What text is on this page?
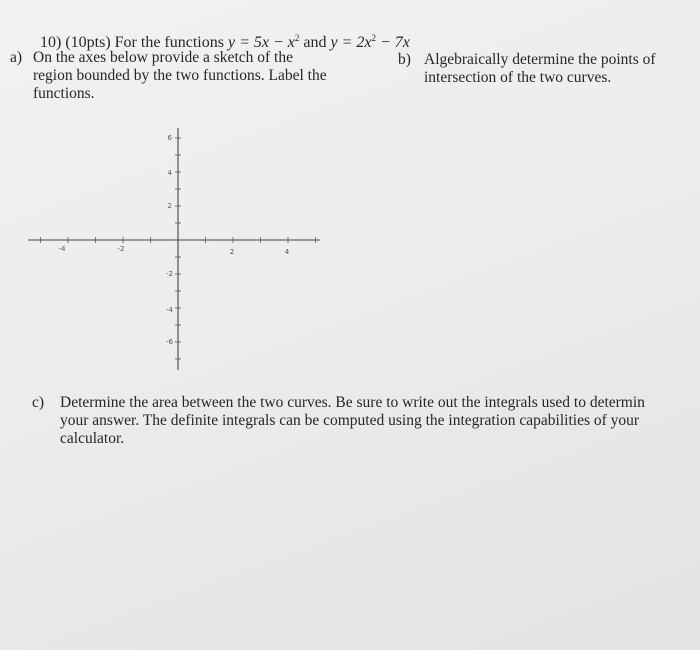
10) (10pts) For the functions $y = 5x - x^2$ and $y = 2x^2 - 7x$
a) On the axes below provide a sketch of the
region bounded by the two functions. Label the
functions.
b) Algebraically determine the points of
intersection of the two curves.
-4	-2	2	4
6
4
2
-2
-4
-6
c) Determine the area between the two curves. Be sure to write out the integrals used to determin
your answer. The definite integrals can be computed using the integration capabilities of your
calculator.
